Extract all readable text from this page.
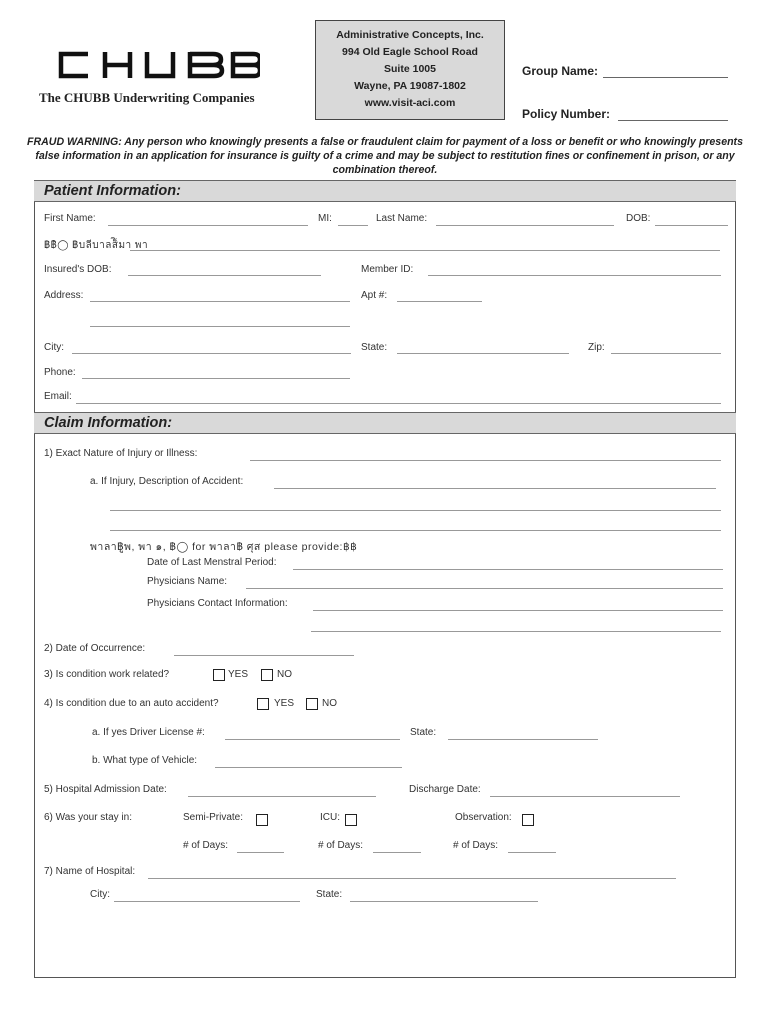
The CHUBB Underwriting Companies
Administrative Concepts, Inc.
994 Old Eagle School Road
Suite 1005
Wayne, PA 19087-1802
www.visit-aci.com
Group Name:
Policy Number:
FRAUD WARNING: Any person who knowingly presents a false or fraudulent claim for payment of a loss or benefit or who knowingly presents false information in an application for insurance is guilty of a crime and may be subject to restitution fines or confinement in prison, or any combination thereof.
Patient Information:
First Name:	MI:	Last Name:	DOB:
฿฿ิ◯ ฿บลีบาลส็ิมา พา
Insured's DOB:	Member ID:
Address:	Apt #:
City:	State:	Zip:
Phone:
Email:
Claim Information:
1) Exact Nature of Injury or Illness:
a. If Injury, Description of Accident:
พาลา฿ูพ, พา ๑, ฿◯ for พาลา฿ ศุส please provide:฿฿
Date of Last Menstral Period:
Physicians Name:
Physicians Contact Information:
2) Date of Occurrence:
3) Is condition work related?	YES	NO
4) Is condition due to an auto accident?	YES	NO
a. If yes Driver License #:	State:
b. What type of Vehicle:
5) Hospital Admission Date:	Discharge Date:
6) Was your stay in:	Semi-Private:	ICU:	Observation:
# of Days:	# of Days:	# of Days:
7) Name of Hospital:
City:	State:
